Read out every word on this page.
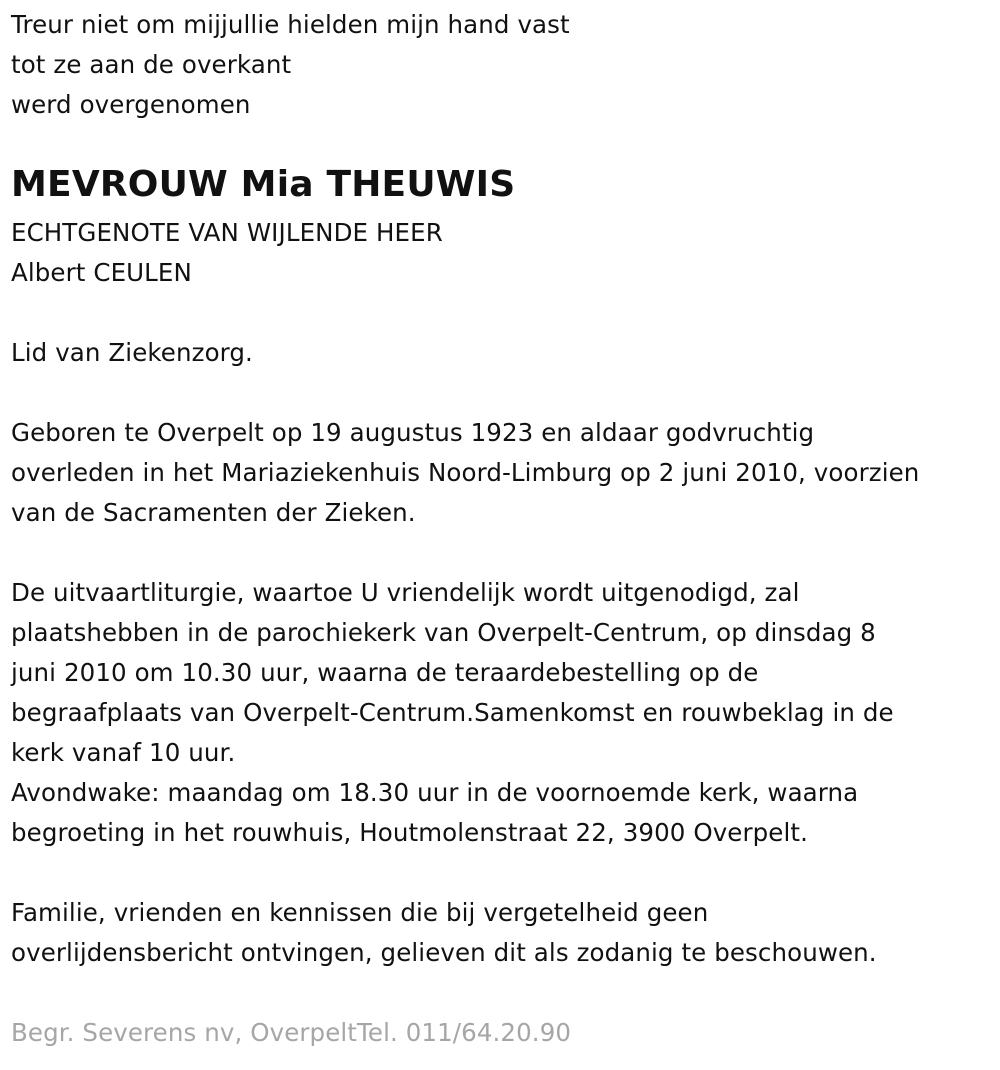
Treur niet om mijjullie hielden mijn hand vast
tot ze aan de overkant
werd overgenomen
MEVROUW Mia THEUWIS
ECHTGENOTE VAN WIJLENDE HEER
Albert CEULEN
Lid van Ziekenzorg.
Geboren te Overpelt op 19 augustus 1923 en aldaar godvruchtig
overleden in het Mariaziekenhuis Noord-Limburg op 2 juni 2010, voorzien
van de Sacramenten der Zieken.
De uitvaartliturgie, waartoe U vriendelijk wordt uitgenodigd, zal
plaatshebben in de parochiekerk van Overpelt-Centrum, op dinsdag 8
juni 2010 om 10.30 uur, waarna de teraardebestelling op de
begraafplaats van Overpelt-Centrum.Samenkomst en rouwbeklag in de
kerk vanaf 10 uur.
Avondwake: maandag om 18.30 uur in de voornoemde kerk, waarna
begroeting in het rouwhuis, Houtmolenstraat 22, 3900 Overpelt.
Familie, vrienden en kennissen die bij vergetelheid geen
overlijdensbericht ontvingen, gelieven dit als zodanig te beschouwen.
Begr. Severens nv, OverpeltTel. 011/64.20.90
